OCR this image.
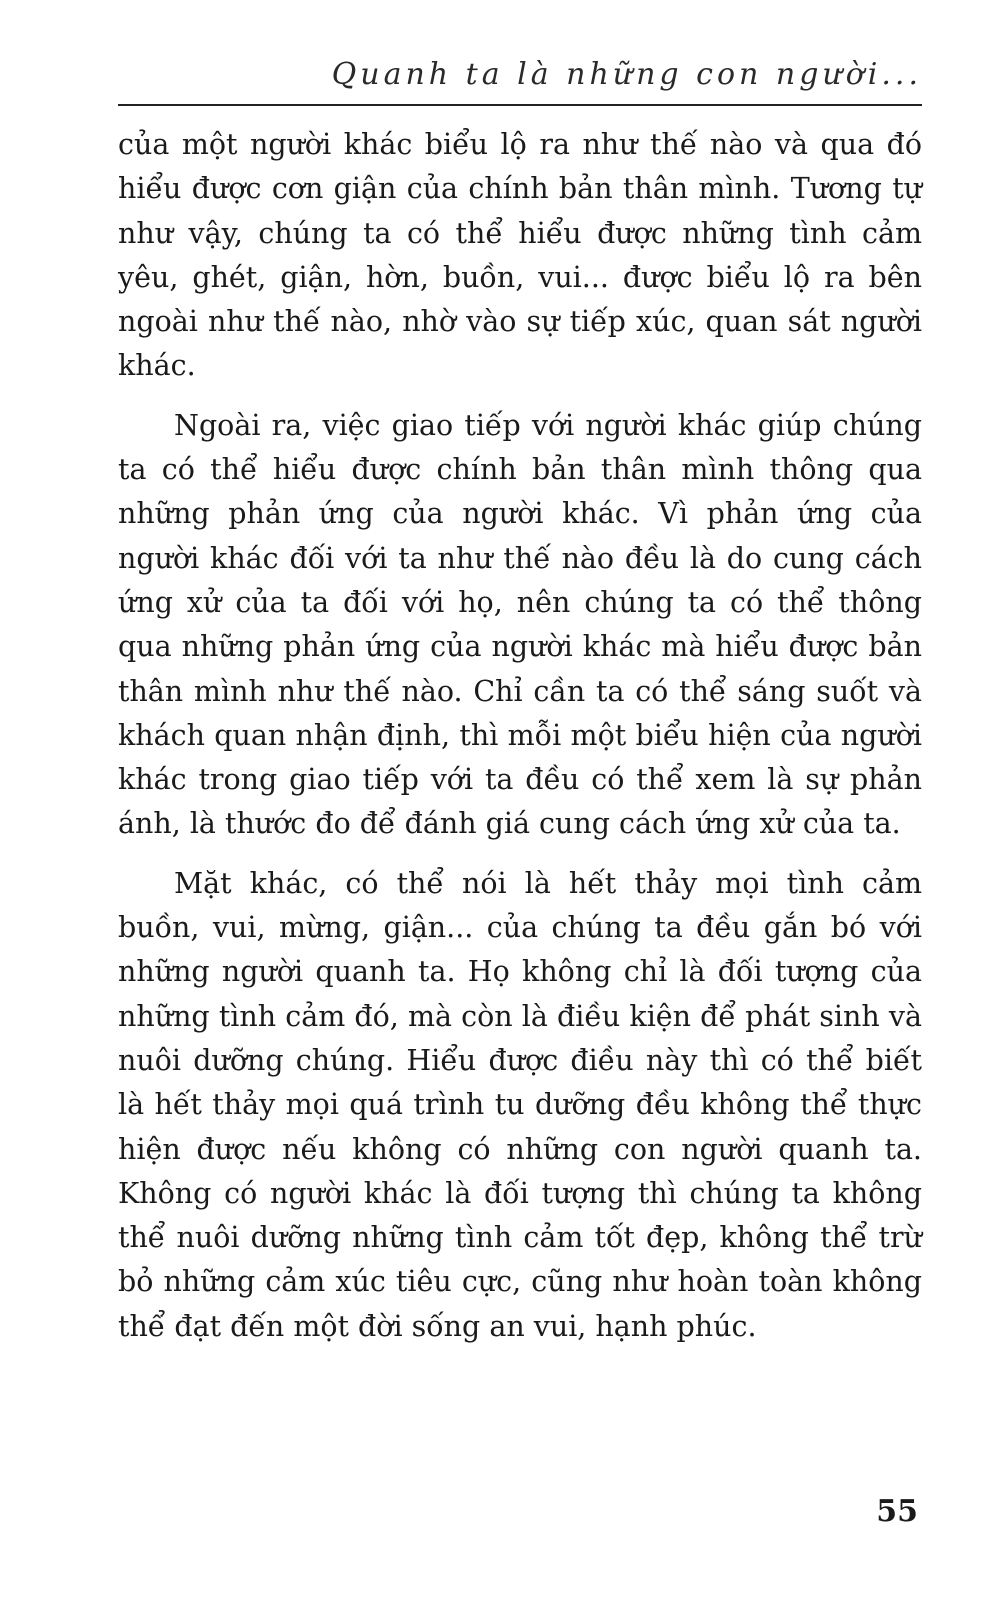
Quanh ta là những con người...

của một người khác biểu lộ ra như thế nào và qua đó hiểu được cơn giận của chính bản thân mình. Tương tự như vậy, chúng ta có thể hiểu được những tình cảm yêu, ghét, giận, hờn, buồn, vui... được biểu lộ ra bên ngoài như thế nào, nhờ vào sự tiếp xúc, quan sát người khác.

Ngoài ra, việc giao tiếp với người khác giúp chúng ta có thể hiểu được chính bản thân mình thông qua những phản ứng của người khác. Vì phản ứng của người khác đối với ta như thế nào đều là do cung cách ứng xử của ta đối với họ, nên chúng ta có thể thông qua những phản ứng của người khác mà hiểu được bản thân mình như thế nào. Chỉ cần ta có thể sáng suốt và khách quan nhận định, thì mỗi một biểu hiện của người khác trong giao tiếp với ta đều có thể xem là sự phản ánh, là thước đo để đánh giá cung cách ứng xử của ta.

Mặt khác, có thể nói là hết thảy mọi tình cảm buồn, vui, mừng, giận... của chúng ta đều gắn bó với những người quanh ta. Họ không chỉ là đối tượng của những tình cảm đó, mà còn là điều kiện để phát sinh và nuôi dưỡng chúng. Hiểu được điều này thì có thể biết là hết thảy mọi quá trình tu dưỡng đều không thể thực hiện được nếu không có những con người quanh ta. Không có người khác là đối tượng thì chúng ta không thể nuôi dưỡng những tình cảm tốt đẹp, không thể trừ bỏ những cảm xúc tiêu cực, cũng như hoàn toàn không thể đạt đến một đời sống an vui, hạnh phúc.

55
